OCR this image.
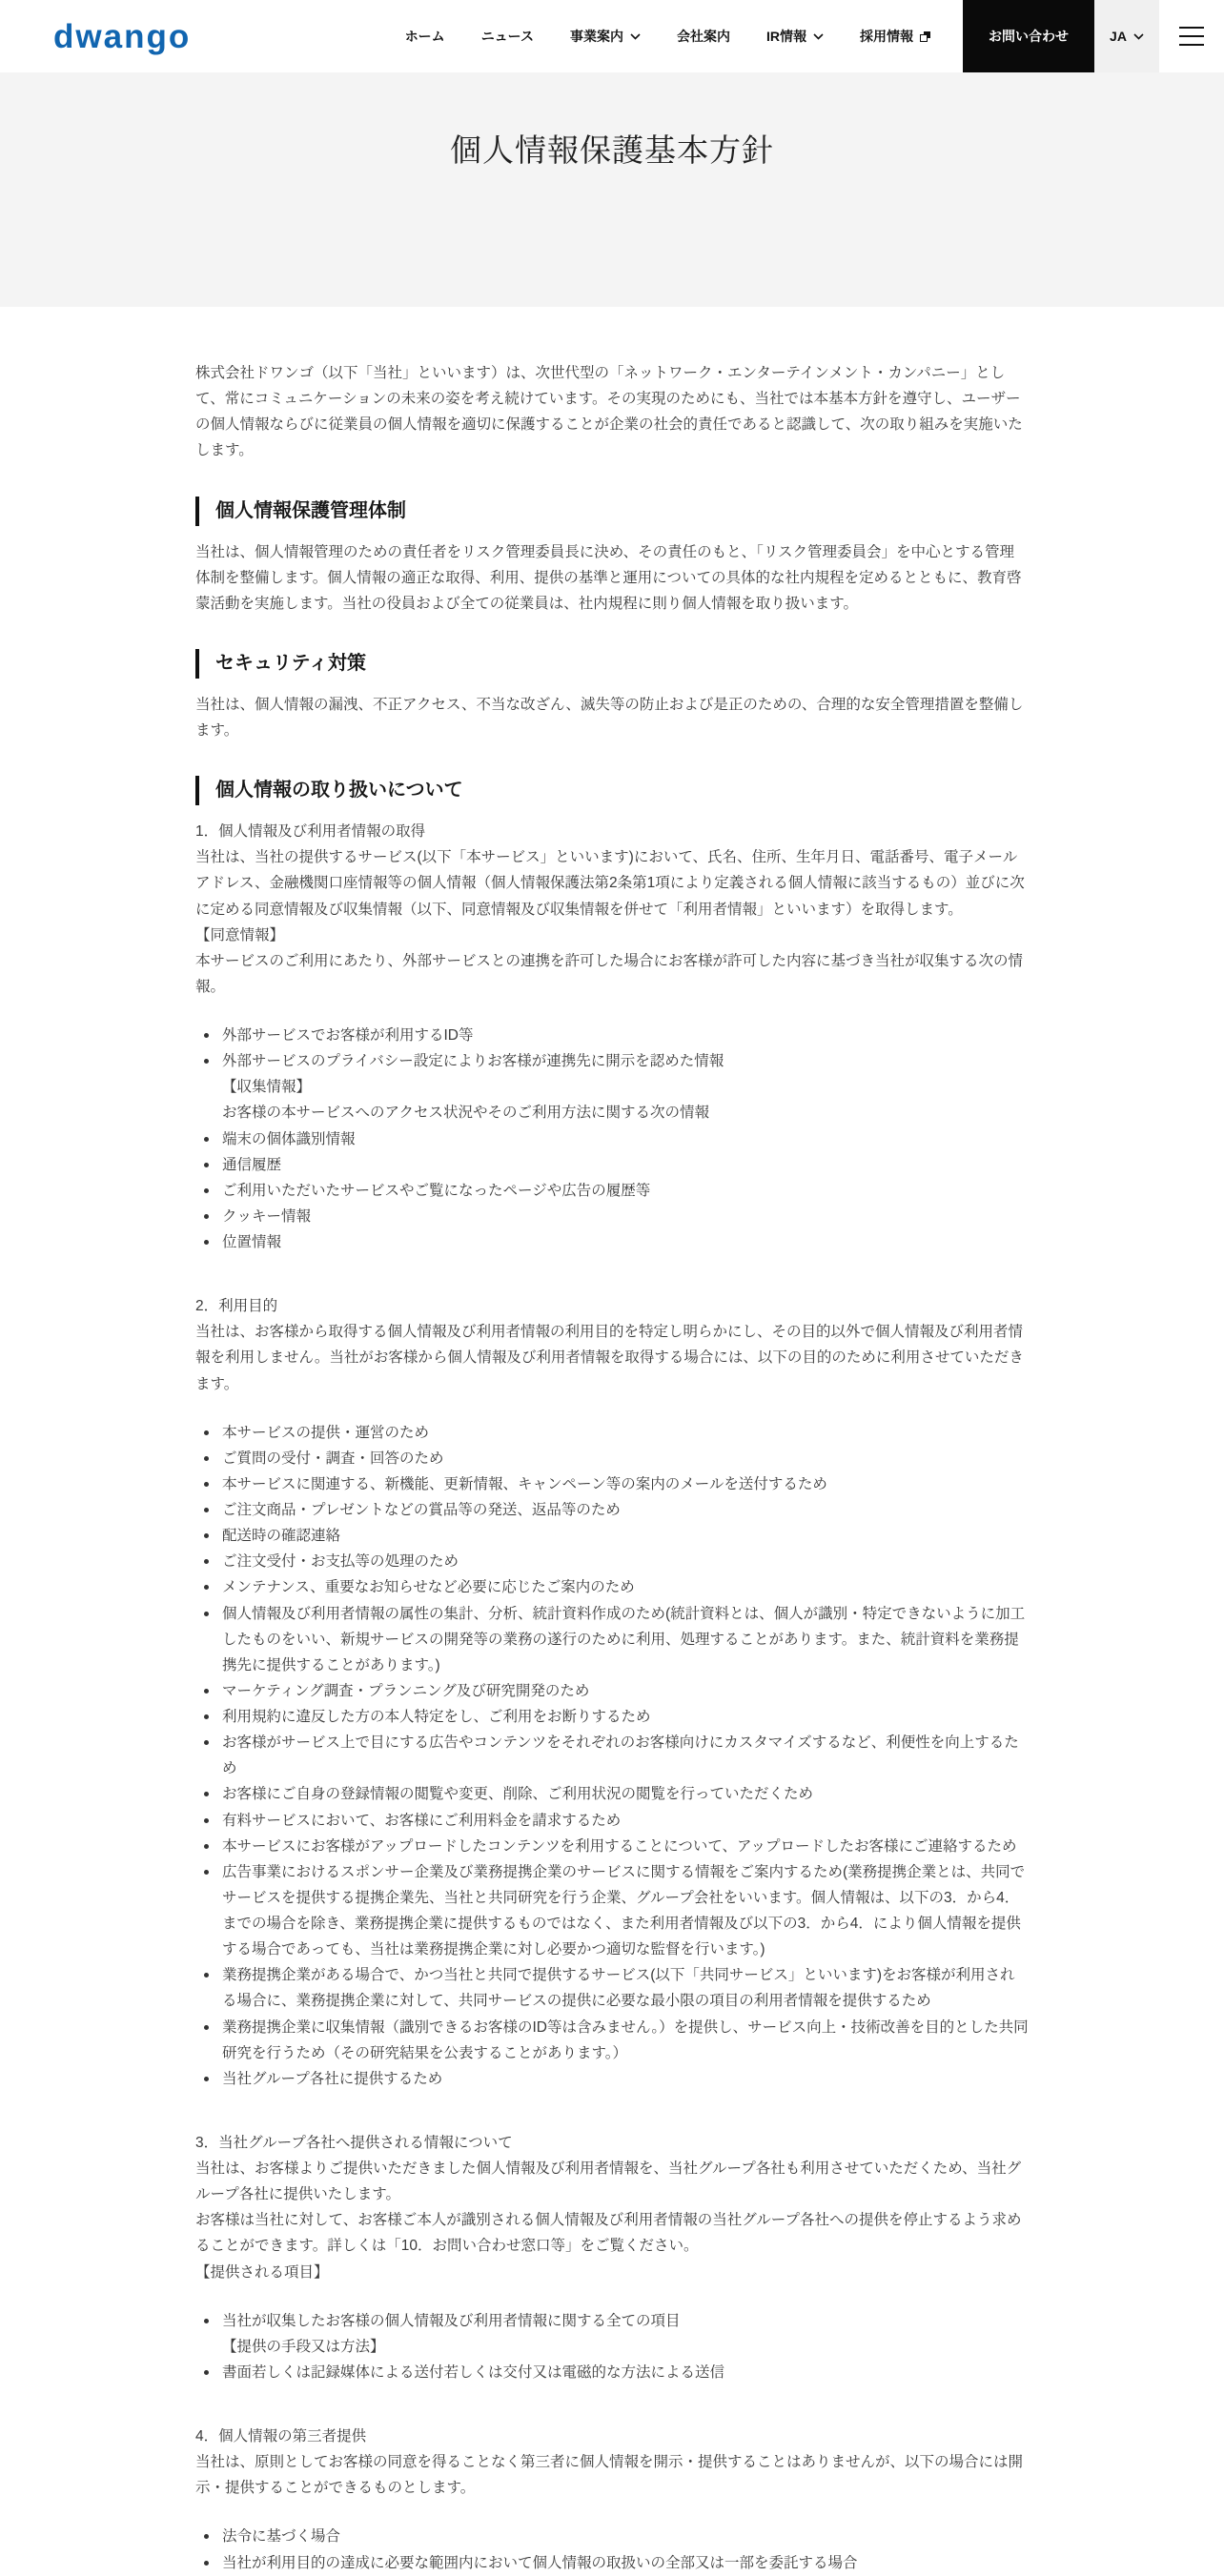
dwango	ホーム	ニュース	事業案内	会社案内	IR情報	採用情報	お問い合わせ	JA
個人情報保護基本方針

株式会社ドワンゴ（以下「当社」といいます）は、次世代型の「ネットワーク・エンターテインメント・カンパニー」として、常にコミュニケーションの未来の姿を考え続けています。その実現のためにも、当社では本基本方針を遵守し、ユーザーの個人情報ならびに従業員の個人情報を適切に保護することが企業の社会的責任であると認識して、次の取り組みを実施いたします。

個人情報保護管理体制

当社は、個人情報管理のための責任者をリスク管理委員長に決め、その責任のもと、「リスク管理委員会」を中心とする管理体制を整備します。個人情報の適正な取得、利用、提供の基準と運用についての具体的な社内規程を定めるとともに、教育啓蒙活動を実施します。当社の役員および全ての従業員は、社内規程に則り個人情報を取り扱います。

セキュリティ対策

当社は、個人情報の漏洩、不正アクセス、不当な改ざん、滅失等の防止および是正のための、合理的な安全管理措置を整備します。

個人情報の取り扱いについて

1．個人情報及び利用者情報の取得

当社は、当社の提供するサービス(以下「本サービス」といいます)において、氏名、住所、生年月日、電話番号、電子メールアドレス、金融機関口座情報等の個人情報（個人情報保護法第2条第1項により定義される個人情報に該当するもの）並びに次に定める同意情報及び収集情報（以下、同意情報及び収集情報を併せて「利用者情報」といいます）を取得します。

【同意情報】

本サービスのご利用にあたり、外部サービスとの連携を許可した場合にお客様が許可した内容に基づき当社が収集する次の情報。

外部サービスでお客様が利用するID等
外部サービスのプライバシー設定によりお客様が連携先に開示を認めた情報
【収集情報】
お客様の本サービスへのアクセス状況やそのご利用方法に関する次の情報
端末の個体識別情報
通信履歴
ご利用いただいたサービスやご覧になったページや広告の履歴等
クッキー情報
位置情報

2．利用目的

当社は、お客様から取得する個人情報及び利用者情報の利用目的を特定し明らかにし、その目的以外で個人情報及び利用者情報を利用しません。当社がお客様から個人情報及び利用者情報を取得する場合には、以下の目的のために利用させていただきます。

本サービスの提供・運営のため
ご質問の受付・調査・回答のため
本サービスに関連する、新機能、更新情報、キャンペーン等の案内のメールを送付するため
ご注文商品・プレゼントなどの賞品等の発送、返品等のため
配送時の確認連絡
ご注文受付・お支払等の処理のため
メンテナンス、重要なお知らせなど必要に応じたご案内のため
個人情報及び利用者情報の属性の集計、分析、統計資料作成のため(統計資料とは、個人が識別・特定できないように加工したものをいい、新規サービスの開発等の業務の遂行のために利用、処理することがあります。また、統計資料を業務提携先に提供することがあります。)
マーケティング調査・プランニング及び研究開発のため
利用規約に違反した方の本人特定をし、ご利用をお断りするため
お客様がサービス上で目にする広告やコンテンツをそれぞれのお客様向けにカスタマイズするなど、利便性を向上するため
お客様にご自身の登録情報の閲覧や変更、削除、ご利用状況の閲覧を行っていただくため
有料サービスにおいて、お客様にご利用料金を請求するため
本サービスにお客様がアップロードしたコンテンツを利用することについて、アップロードしたお客様にご連絡するため
広告事業におけるスポンサー企業及び業務提携企業のサービスに関する情報をご案内するため(業務提携企業とは、共同でサービスを提供する提携企業先、当社と共同研究を行う企業、グループ会社をいいます。個人情報は、以下の3．から4．までの場合を除き、業務提携企業に提供するものではなく、また利用者情報及び以下の3．から4．により個人情報を提供する場合であっても、当社は業務提携企業に対し必要かつ適切な監督を行います。)
業務提携企業がある場合で、かつ当社と共同で提供するサービス(以下「共同サービス」といいます)をお客様が利用される場合に、業務提携企業に対して、共同サービスの提供に必要な最小限の項目の利用者情報を提供するため
業務提携企業に収集情報（識別できるお客様のID等は含みません。）を提供し、サービス向上・技術改善を目的とした共同研究を行うため（その研究結果を公表することがあります。）
当社グループ各社に提供するため

3．当社グループ各社へ提供される情報について

当社は、お客様よりご提供いただきました個人情報及び利用者情報を、当社グループ各社も利用させていただくため、当社グループ各社に提供いたします。

お客様は当社に対して、お客様ご本人が識別される個人情報及び利用者情報の当社グループ各社への提供を停止するよう求めることができます。詳しくは「10．お問い合わせ窓口等」をご覧ください。

【提供される項目】

当社が収集したお客様の個人情報及び利用者情報に関する全ての項目
【提供の手段又は方法】
書面若しくは記録媒体による送付若しくは交付又は電磁的な方法による送信

4．個人情報の第三者提供

当社は、原則としてお客様の同意を得ることなく第三者に個人情報を開示・提供することはありませんが、以下の場合には開示・提供することができるものとします。

法令に基づく場合
当社が利用目的の達成に必要な範囲内において個人情報の取扱いの全部又は一部を委託する場合
